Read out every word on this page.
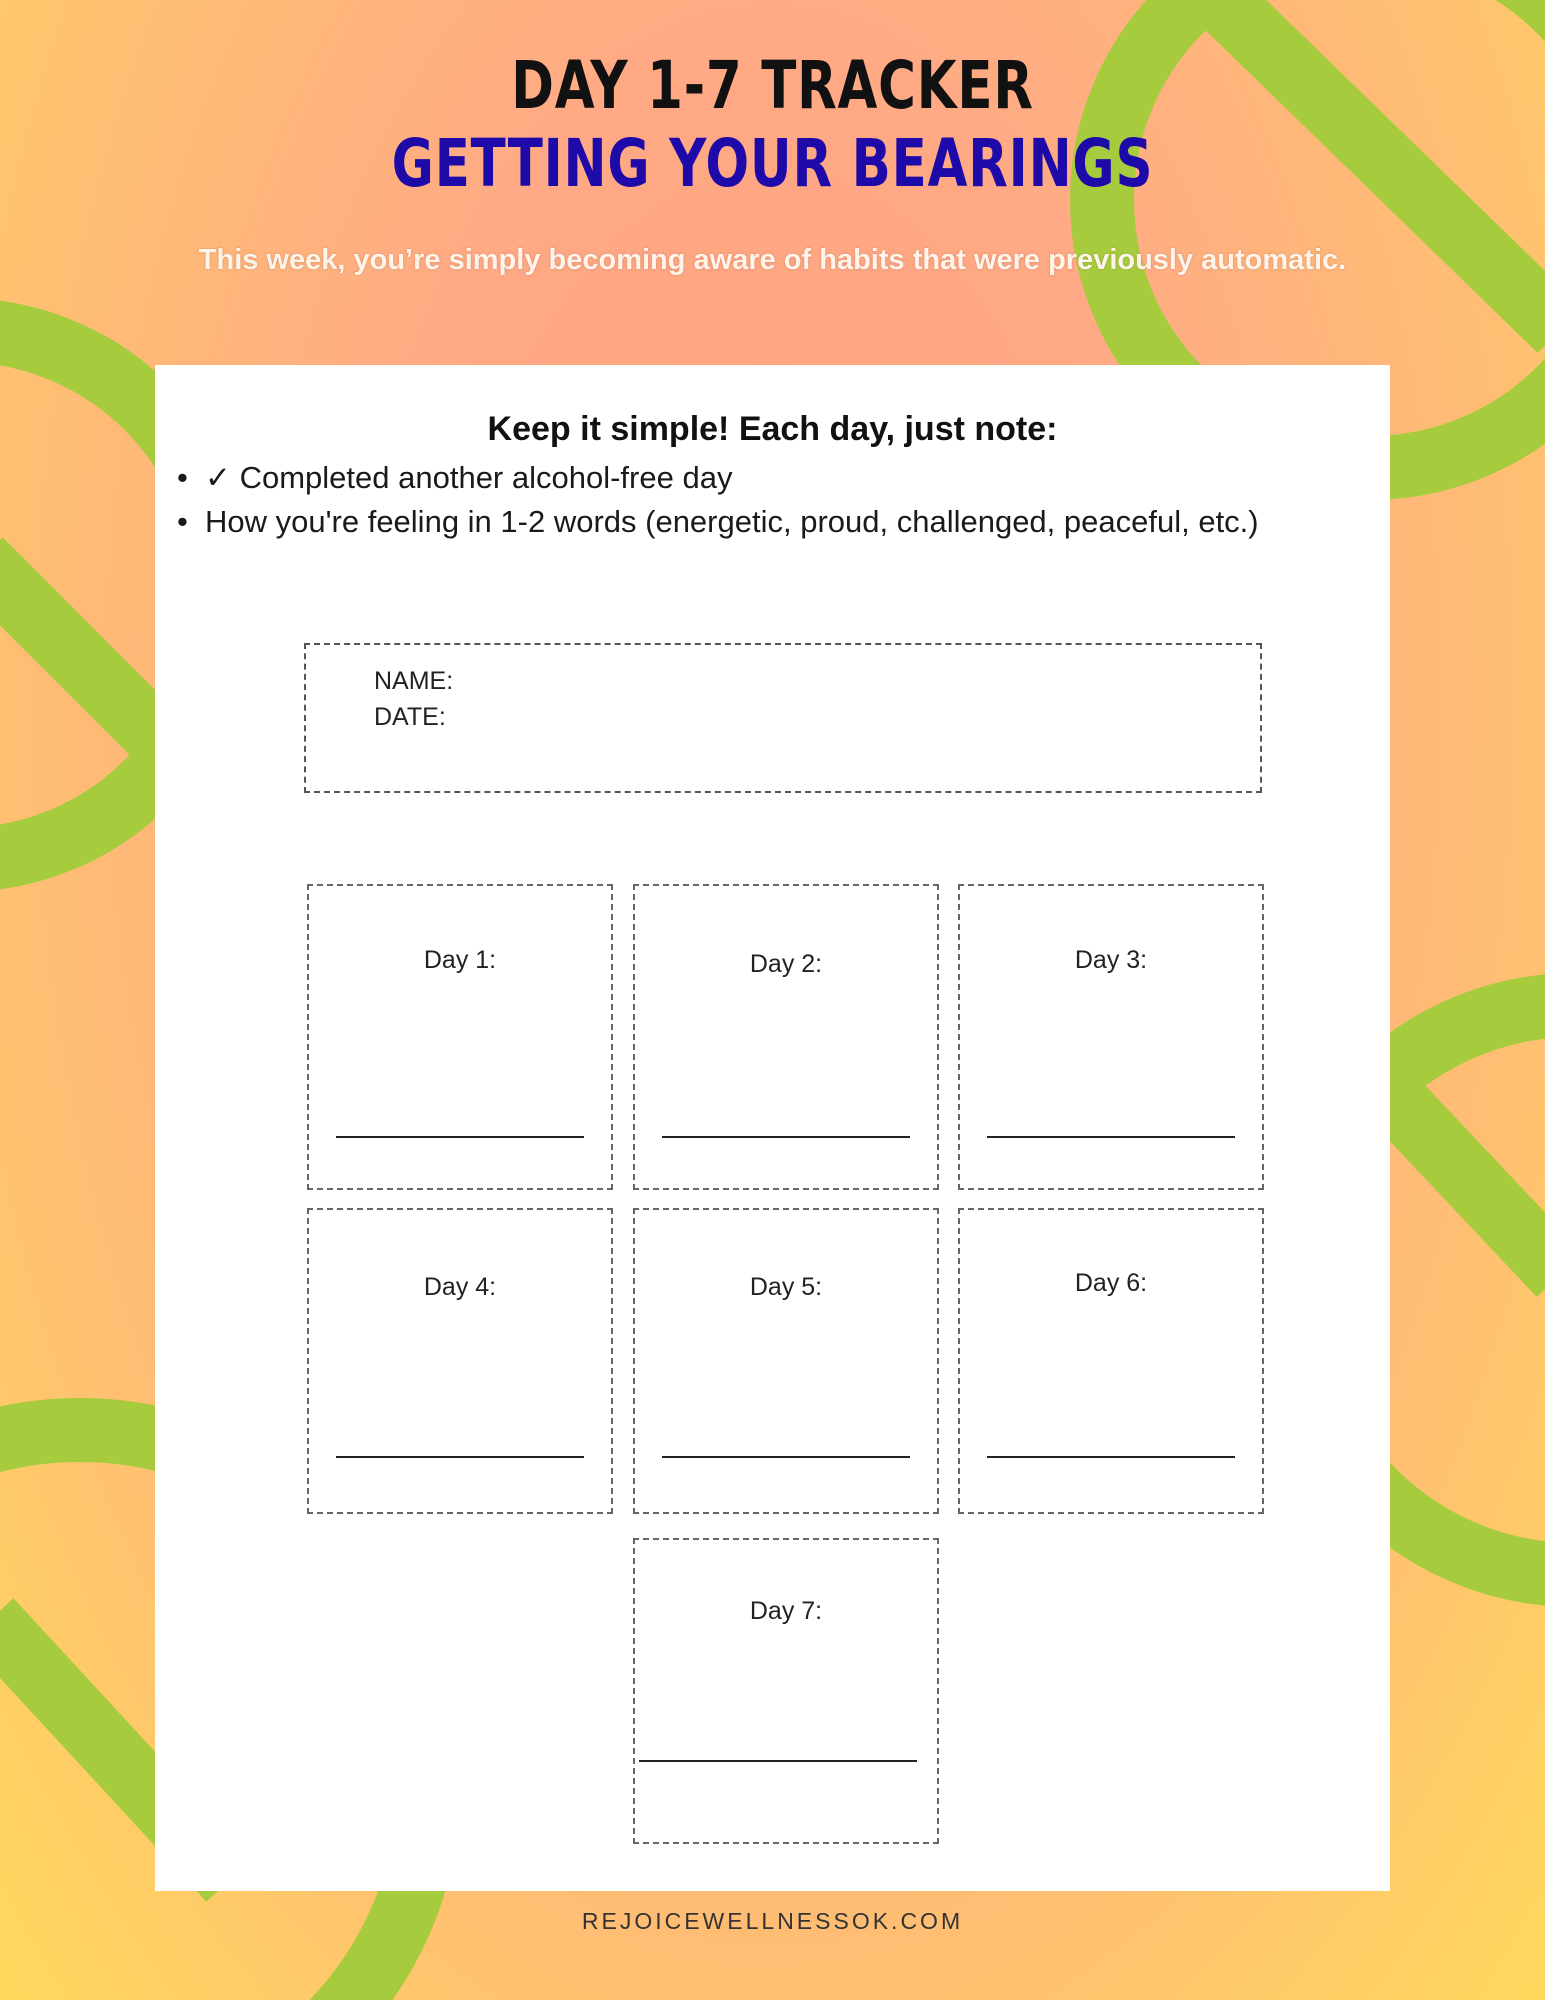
DAY 1-7 TRACKER
GETTING YOUR BEARINGS
This week, you’re simply becoming aware of habits that were previously automatic.
Keep it simple! Each day, just note:
• ✓ Completed another alcohol-free day
• How you're feeling in 1-2 words (energetic, proud, challenged, peaceful, etc.)
NAME:
DATE:
Day 1:	Day 2:	Day 3:
Day 4:	Day 5:	Day 6:
Day 7:
REJOICEWELLNESSOK.COM
